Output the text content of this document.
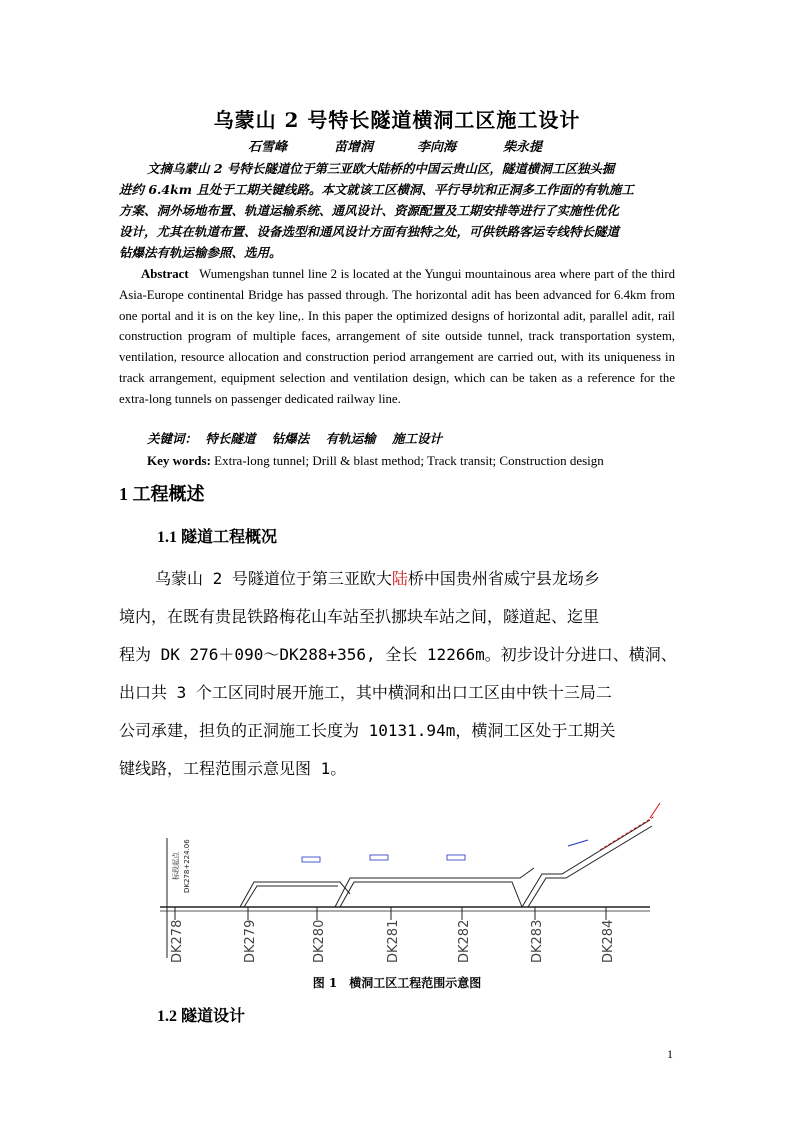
乌蒙山 2 号特长隧道横洞工区施工设计
石雪峰	苗增润	李向海	柴永提
文摘乌蒙山 2 号特长隧道位于第三亚欧大陆桥的中国云贵山区，隧道横洞工区独头掘
进约 6.4km 且处于工期关键线路。本文就该工区横洞、平行导坑和正洞多工作面的有轨施工
方案、洞外场地布置、轨道运输系统、通风设计、资源配置及工期安排等进行了实施性优化
设计，尤其在轨道布置、设备选型和通风设计方面有独特之处，可供铁路客运专线特长隧道
钻爆法有轨运输参照、选用。
Abstract Wumengshan tunnel line 2 is located at the Yungui mountainous area where part of the third Asia-Europe continental Bridge has passed through. The horizontal adit has been advanced for 6.4km from one portal and it is on the key line,. In this paper the optimized designs of horizontal adit, parallel adit, rail construction program of multiple faces, arrangement of site outside tunnel, track transportation system, ventilation, resource allocation and construction period arrangement are carried out, with its uniqueness in track arrangement, equipment selection and ventilation design, which can be taken as a reference for the extra-long tunnels on passenger dedicated railway line.
关键词： 特长隧道 钻爆法 有轨运输 施工设计
Key words: Extra-long tunnel; Drill & blast method; Track transit; Construction design
1 工程概述
1.1 隧道工程概况
乌蒙山 2 号隧道位于第三亚欧大陆桥中国贵州省威宁县龙场乡
境内，在既有贵昆铁路梅花山车站至扒挪块车站之间，隧道起、迄里
程为 DK 276＋090～DK288+356, 全长 12266m。初步设计分进口、横洞、
出口共 3 个工区同时展开施工，其中横洞和出口工区由中铁十三局二
公司承建，担负的正洞施工长度为 10131.94m，横洞工区处于工期关
键线路，工程范围示意见图 1。
DK278	DK279	DK280	DK281	DK282	DK283	DK284
标段起点 DK278+224.06
图 1　横洞工区工程范围示意图
1.2 隧道设计
1
